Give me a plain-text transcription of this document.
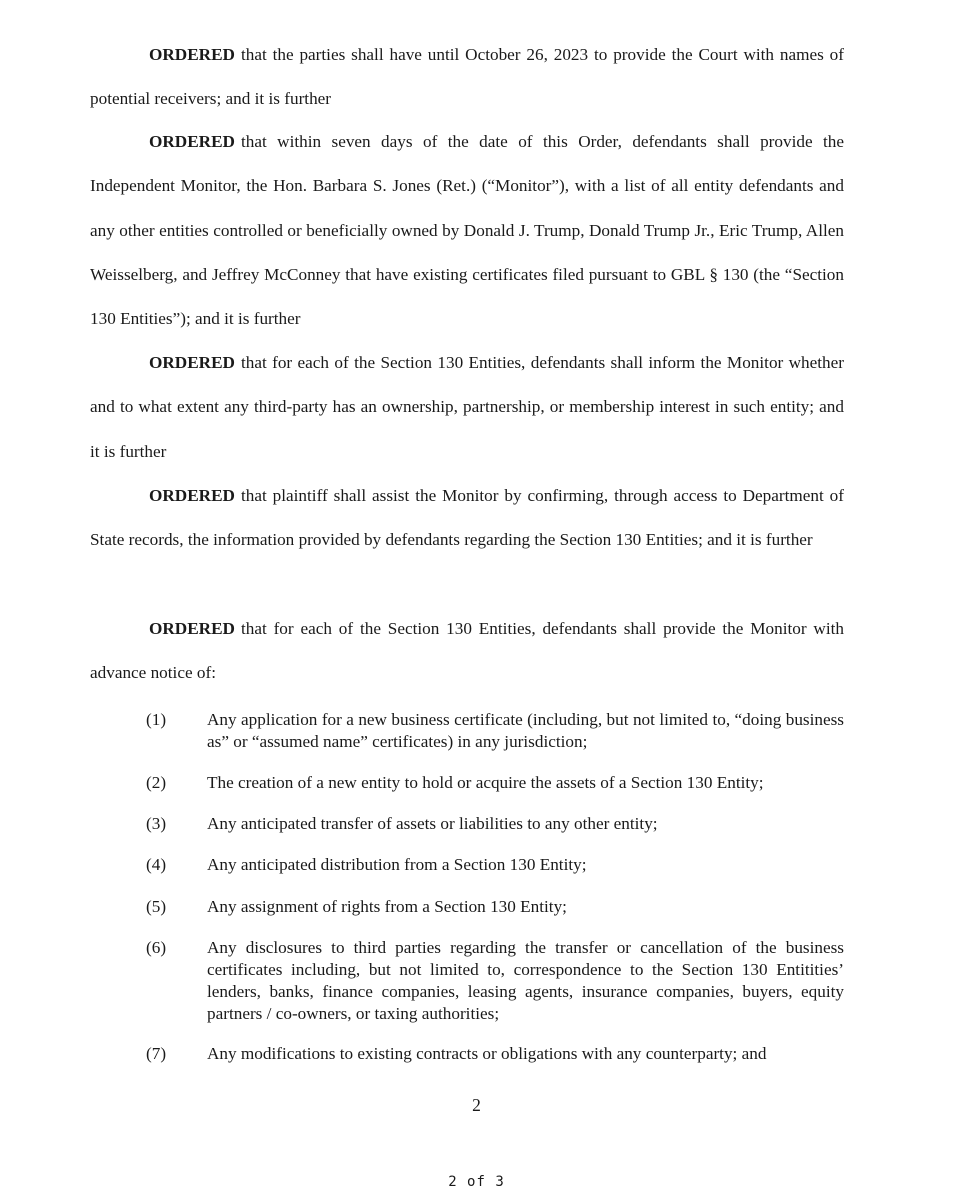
ORDERED that the parties shall have until October 26, 2023 to provide the Court with names of potential receivers; and it is further

ORDERED that within seven days of the date of this Order, defendants shall provide the Independent Monitor, the Hon. Barbara S. Jones (Ret.) (“Monitor”), with a list of all entity defendants and any other entities controlled or beneficially owned by Donald J. Trump, Donald Trump Jr., Eric Trump, Allen Weisselberg, and Jeffrey McConney that have existing certificates filed pursuant to GBL § 130 (the “Section 130 Entities”); and it is further

ORDERED that for each of the Section 130 Entities, defendants shall inform the Monitor whether and to what extent any third-party has an ownership, partnership, or membership interest in such entity; and it is further

ORDERED that plaintiff shall assist the Monitor by confirming, through access to Department of State records, the information provided by defendants regarding the Section 130 Entities; and it is further

ORDERED that for each of the Section 130 Entities, defendants shall provide the Monitor with advance notice of:

(1)	Any application for a new business certificate (including, but not limited to, “doing business as” or “assumed name” certificates) in any jurisdiction;
(2)	The creation of a new entity to hold or acquire the assets of a Section 130 Entity;
(3)	Any anticipated transfer of assets or liabilities to any other entity;
(4)	Any anticipated distribution from a Section 130 Entity;
(5)	Any assignment of rights from a Section 130 Entity;
(6)	Any disclosures to third parties regarding the transfer or cancellation of the business certificates including, but not limited to, correspondence to the Section 130 Entitities’ lenders, banks, finance companies, leasing agents, insurance companies, buyers, equity partners / co-owners, or taxing authorities;
(7)	Any modifications to existing contracts or obligations with any counterparty; and
2
2 of 3
